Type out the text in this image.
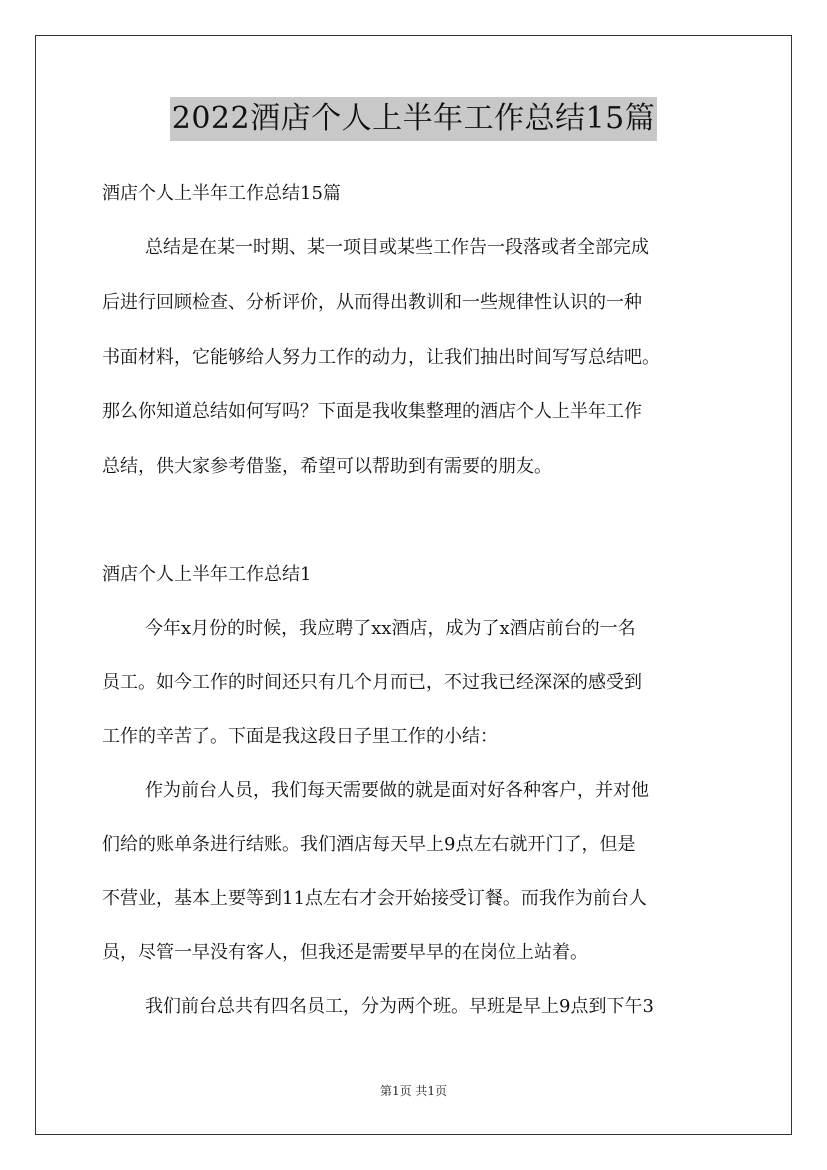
2022酒店个人上半年工作总结15篇
酒店个人上半年工作总结15篇
总结是在某一时期、某一项目或某些工作告一段落或者全部完成
后进行回顾检查、分析评价，从而得出教训和一些规律性认识的一种
书面材料，它能够给人努力工作的动力，让我们抽出时间写写总结吧。
那么你知道总结如何写吗？下面是我收集整理的酒店个人上半年工作
总结，供大家参考借鉴，希望可以帮助到有需要的朋友。
酒店个人上半年工作总结1
今年x月份的时候，我应聘了xx酒店，成为了x酒店前台的一名
员工。如今工作的时间还只有几个月而已，不过我已经深深的感受到
工作的辛苦了。下面是我这段日子里工作的小结：
作为前台人员，我们每天需要做的就是面对好各种客户，并对他
们给的账单条进行结账。我们酒店每天早上9点左右就开门了，但是
不营业，基本上要等到11点左右才会开始接受订餐。而我作为前台人
员，尽管一早没有客人，但我还是需要早早的在岗位上站着。
我们前台总共有四名员工，分为两个班。早班是早上9点到下午3
第1页 共1页
